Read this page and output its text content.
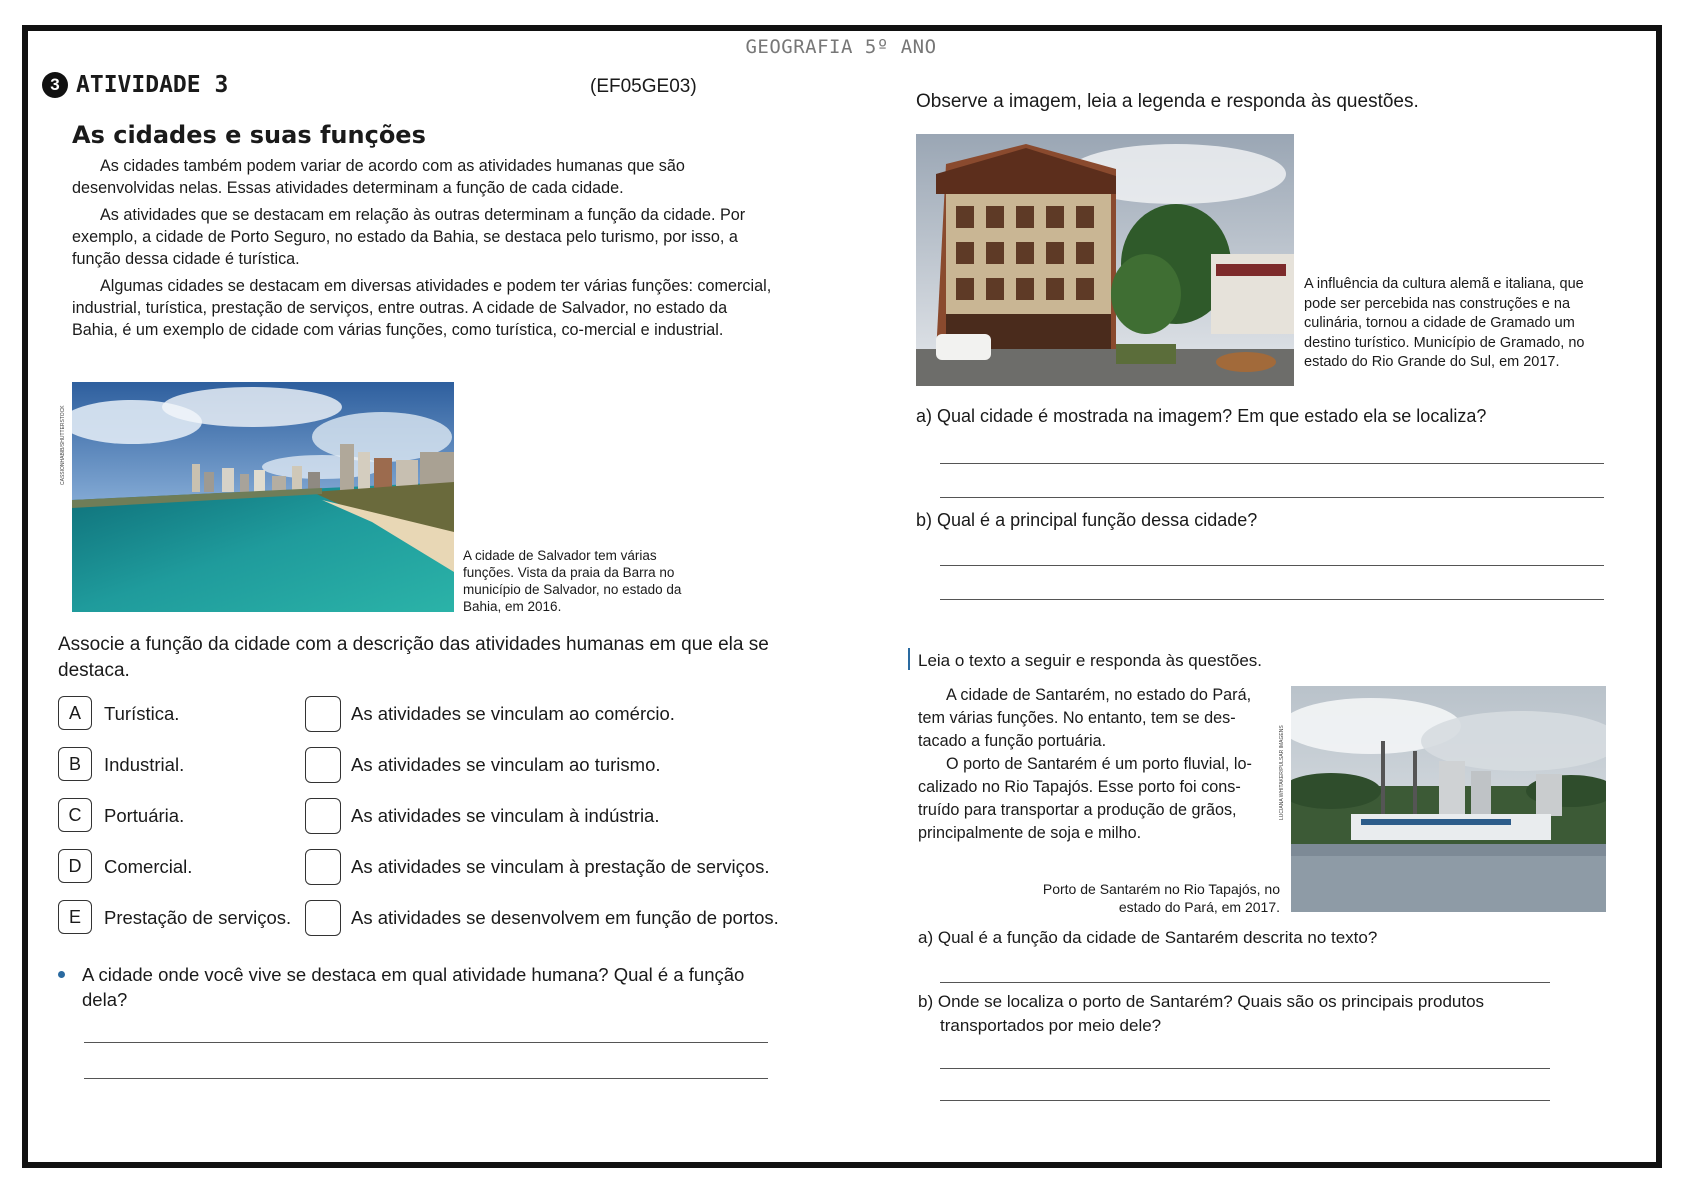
GEOGRAFIA 5º ANO
3 ATIVIDADE 3	(EF05GE03)
As cidades e suas funções

As cidades também podem variar de acordo com as atividades humanas que são desenvolvidas nelas. Essas atividades determinam a função de cada cidade.

As atividades que se destacam em relação às outras determinam a função da cidade. Por exemplo, a cidade de Porto Seguro, no estado da Bahia, se destaca pelo turismo, por isso, a função dessa cidade é turística.

Algumas cidades se destacam em diversas atividades e podem ter várias funções: comercial, industrial, turística, prestação de serviços, entre outras. A cidade de Salvador, no estado da Bahia, é um exemplo de cidade com várias funções, como turística, co-mercial e industrial.

CASSIONHABIB/SHUTTERSTOCK
A cidade de Salvador tem várias funções. Vista da praia da Barra no município de Salvador, no estado da Bahia, em 2016.
Associe a função da cidade com a descrição das atividades humanas em que ela se destaca.
A	Turística.	As atividades se vinculam ao comércio.
B	Industrial.	As atividades se vinculam ao turismo.
C	Portuária.	As atividades se vinculam à indústria.
D	Comercial.	As atividades se vinculam à prestação de serviços.
E	Prestação de serviços.	As atividades se desenvolvem em função de portos.
A cidade onde você vive se destaca em qual atividade humana? Qual é a função dela?
Observe a imagem, leia a legenda e responda às questões.
A influência da cultura alemã e italiana, que pode ser percebida nas construções e na culinária, tornou a cidade de Gramado um destino turístico. Município de Gramado, no estado do Rio Grande do Sul, em 2017.
a) Qual cidade é mostrada na imagem? Em que estado ela se localiza?
b) Qual é a principal função dessa cidade?
Leia o texto a seguir e responda às questões.

A cidade de Santarém, no estado do Pará, tem várias funções. No entanto, tem se des-tacado a função portuária.

O porto de Santarém é um porto fluvial, lo-calizado no Rio Tapajós. Esse porto foi cons-truído para transportar a produção de grãos, principalmente de soja e milho.

LUCIANA WHITAKER/PULSAR IMAGENS
Porto de Santarém no Rio Tapajós, no estado do Pará, em 2017.
a) Qual é a função da cidade de Santarém descrita no texto?
b) Onde se localiza o porto de Santarém? Quais são os principais produtos transportados por meio dele?
